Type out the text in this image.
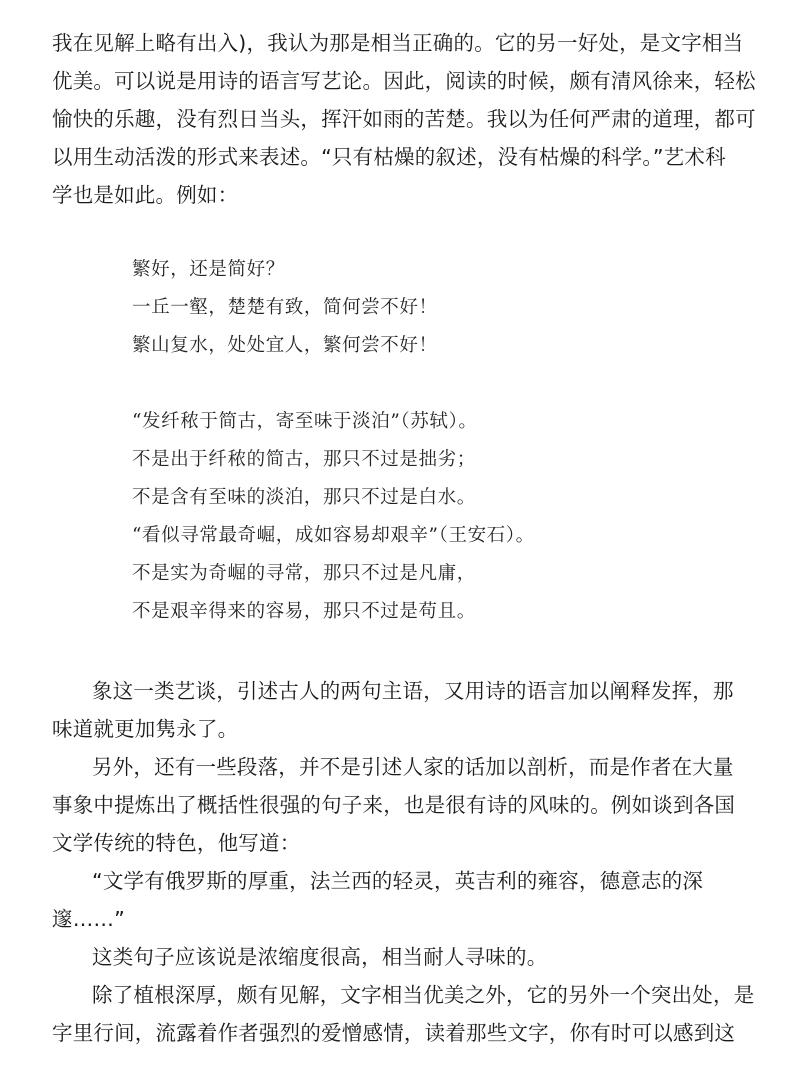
我在见解上略有出入)，我认为那是相当正确的。它的另一好处，是文字相当

优美。可以说是用诗的语言写艺论。因此，阅读的时候，颇有清风徐来，轻松

愉快的乐趣，没有烈日当头，挥汗如雨的苦楚。我以为任何严肃的道理，都可

以用生动活泼的形式来表述。“只有枯燥的叙述，没有枯燥的科学。”艺术科

学也是如此。例如：

繁好，还是简好？

一丘一壑，楚楚有致，简何尝不好！

繁山复水，处处宜人，繁何尝不好！

“发纤秾于简古，寄至味于淡泊”（苏轼）。

不是出于纤秾的简古，那只不过是拙劣；

不是含有至味的淡泊，那只不过是白水。

“看似寻常最奇崛，成如容易却艰辛”（王安石）。

不是实为奇崛的寻常，那只不过是凡庸，

不是艰辛得来的容易，那只不过是苟且。

象这一类艺谈，引述古人的两句主语，又用诗的语言加以阐释发挥，那

味道就更加隽永了。

另外，还有一些段落，并不是引述人家的话加以剖析，而是作者在大量

事象中提炼出了概括性很强的句子来，也是很有诗的风味的。例如谈到各国

文学传统的特色，他写道：

“文学有俄罗斯的厚重，法兰西的轻灵，英吉利的雍容，德意志的深

邃……”

这类句子应该说是浓缩度很高，相当耐人寻味的。

除了植根深厚，颇有见解，文字相当优美之外，它的另外一个突出处，是

字里行间，流露着作者强烈的爱憎感情，读着那些文字，你有时可以感到这
